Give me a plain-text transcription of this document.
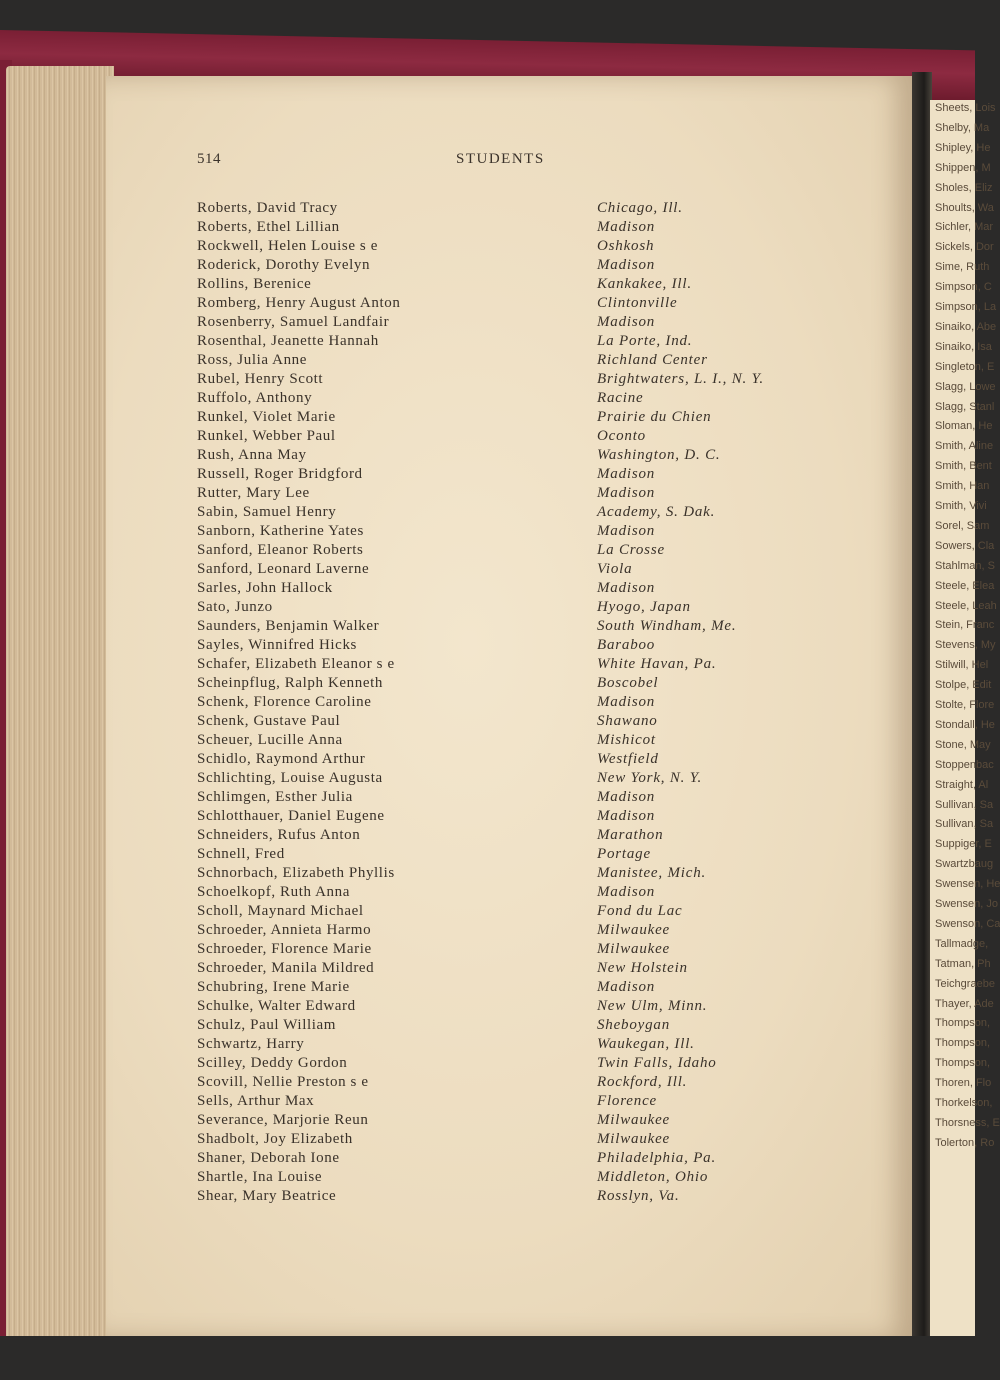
514	STUDENTS
Roberts, David Tracy	Chicago, Ill.
Roberts, Ethel Lillian	Madison
Rockwell, Helen Louise s e	Oshkosh
Roderick, Dorothy Evelyn	Madison
Rollins, Berenice	Kankakee, Ill.
Romberg, Henry August Anton	Clintonville
Rosenberry, Samuel Landfair	Madison
Rosenthal, Jeanette Hannah	La Porte, Ind.
Ross, Julia Anne	Richland Center
Rubel, Henry Scott	Brightwaters, L. I., N. Y.
Ruffolo, Anthony	Racine
Runkel, Violet Marie	Prairie du Chien
Runkel, Webber Paul	Oconto
Rush, Anna May	Washington, D. C.
Russell, Roger Bridgford	Madison
Rutter, Mary Lee	Madison
Sabin, Samuel Henry	Academy, S. Dak.
Sanborn, Katherine Yates	Madison
Sanford, Eleanor Roberts	La Crosse
Sanford, Leonard Laverne	Viola
Sarles, John Hallock	Madison
Sato, Junzo	Hyogo, Japan
Saunders, Benjamin Walker	South Windham, Me.
Sayles, Winnifred Hicks	Baraboo
Schafer, Elizabeth Eleanor s e	White Havan, Pa.
Scheinpflug, Ralph Kenneth	Boscobel
Schenk, Florence Caroline	Madison
Schenk, Gustave Paul	Shawano
Scheuer, Lucille Anna	Mishicot
Schidlo, Raymond Arthur	Westfield
Schlichting, Louise Augusta	New York, N. Y.
Schlimgen, Esther Julia	Madison
Schlotthauer, Daniel Eugene	Madison
Schneiders, Rufus Anton	Marathon
Schnell, Fred	Portage
Schnorbach, Elizabeth Phyllis	Manistee, Mich.
Schoelkopf, Ruth Anna	Madison
Scholl, Maynard Michael	Fond du Lac
Schroeder, Annieta Harmo	Milwaukee
Schroeder, Florence Marie	Milwaukee
Schroeder, Manila Mildred	New Holstein
Schubring, Irene Marie	Madison
Schulke, Walter Edward	New Ulm, Minn.
Schulz, Paul William	Sheboygan
Schwartz, Harry	Waukegan, Ill.
Scilley, Deddy Gordon	Twin Falls, Idaho
Scovill, Nellie Preston s e	Rockford, Ill.
Sells, Arthur Max	Florence
Severance, Marjorie Reun	Milwaukee
Shadbolt, Joy Elizabeth	Milwaukee
Shaner, Deborah Ione	Philadelphia, Pa.
Shartle, Ina Louise	Middleton, Ohio
Shear, Mary Beatrice	Rosslyn, Va.
Sheets, Lois
Shelby, Ma
Shipley, He
Shippen, M
Sholes, Eliz
Shoults, Wa
Sichler, Mar
Sickels, Dor
Sime, Ruth
Simpson, C
Simpson, La
Sinaiko, Abe
Sinaiko, Isa
Singleton, E
Slagg, Lowe
Slagg, Stanl
Sloman, He
Smith, Aline
Smith, Bent
Smith, Han
Smith, Vivi
Sorel, Sam
Sowers, Cla
Stahlman, S
Steele, Elea
Steele, Leah
Stein, Franc
Stevens, My
Stilwill, Hel
Stolpe, Edit
Stolte, Flore
Stondall, He
Stone, May
Stoppenbac
Straight, Al
Sullivan, Sa
Sullivan, Sa
Suppiger, E
Swartzbaug
Swensen, He
Swensen, Jo
Swenson, Ca
Tallmadge,
Tatman, Ph
Teichgraebe
Thayer, Ade
Thompson,
Thompson,
Thompson,
Thoren, Flo
Thorkelson,
Thorsness, E
Tolerton, Ro
